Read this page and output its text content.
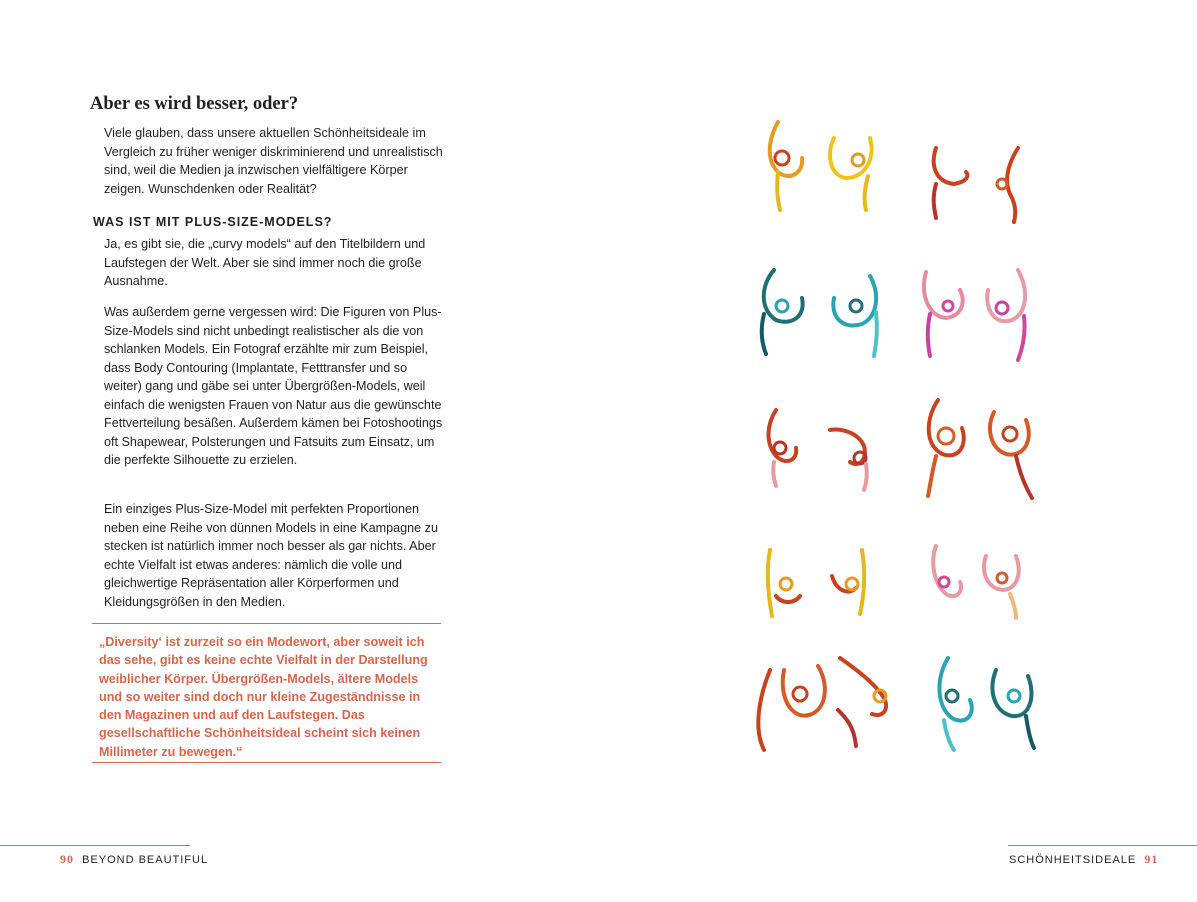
Aber es wird besser, oder?

Viele glauben, dass unsere aktuellen Schönheitsideale im Vergleich zu früher weniger diskriminierend und unrealistisch sind, weil die Medien ja inzwischen vielfältigere Körper zeigen. Wunschdenken oder Realität?

WAS IST MIT PLUS-SIZE-MODELS?

Ja, es gibt sie, die „curvy models“ auf den Titelbildern und Laufstegen der Welt. Aber sie sind immer noch die große Ausnahme.

Was außerdem gerne vergessen wird: Die Figuren von Plus-Size-Models sind nicht unbedingt realistischer als die von schlanken Models. Ein Fotograf erzählte mir zum Beispiel, dass Body Contouring (Implantate, Fetttransfer und so weiter) gang und gäbe sei unter Übergrößen-Models, weil einfach die wenigsten Frauen von Natur aus die gewünschte Fettverteilung besäßen. Außerdem kämen bei Fotoshootings oft Shapewear, Polsterungen und Fatsuits zum Einsatz, um die perfekte Silhouette zu erzielen.

Ein einziges Plus-Size-Model mit perfekten Proportionen neben eine Reihe von dünnen Models in eine Kampagne zu stecken ist natürlich immer noch besser als gar nichts. Aber echte Vielfalt ist etwas anderes: nämlich die volle und gleichwertige Repräsentation aller Körperformen und Kleidungsgrößen in den Medien.

„Diversity‘ ist zurzeit so ein Modewort, aber soweit ich das sehe, gibt es keine echte Vielfalt in der Darstellung weiblicher Körper. Übergrößen-Models, ältere Models und so weiter sind doch nur kleine Zugeständnisse in den Magazinen und auf den Laufstegen. Das gesellschaftliche Schönheitsideal scheint sich keinen Millimeter zu bewegen.“

90 BEYOND BEAUTIFUL	SCHÖNHEITSIDEALE 91
